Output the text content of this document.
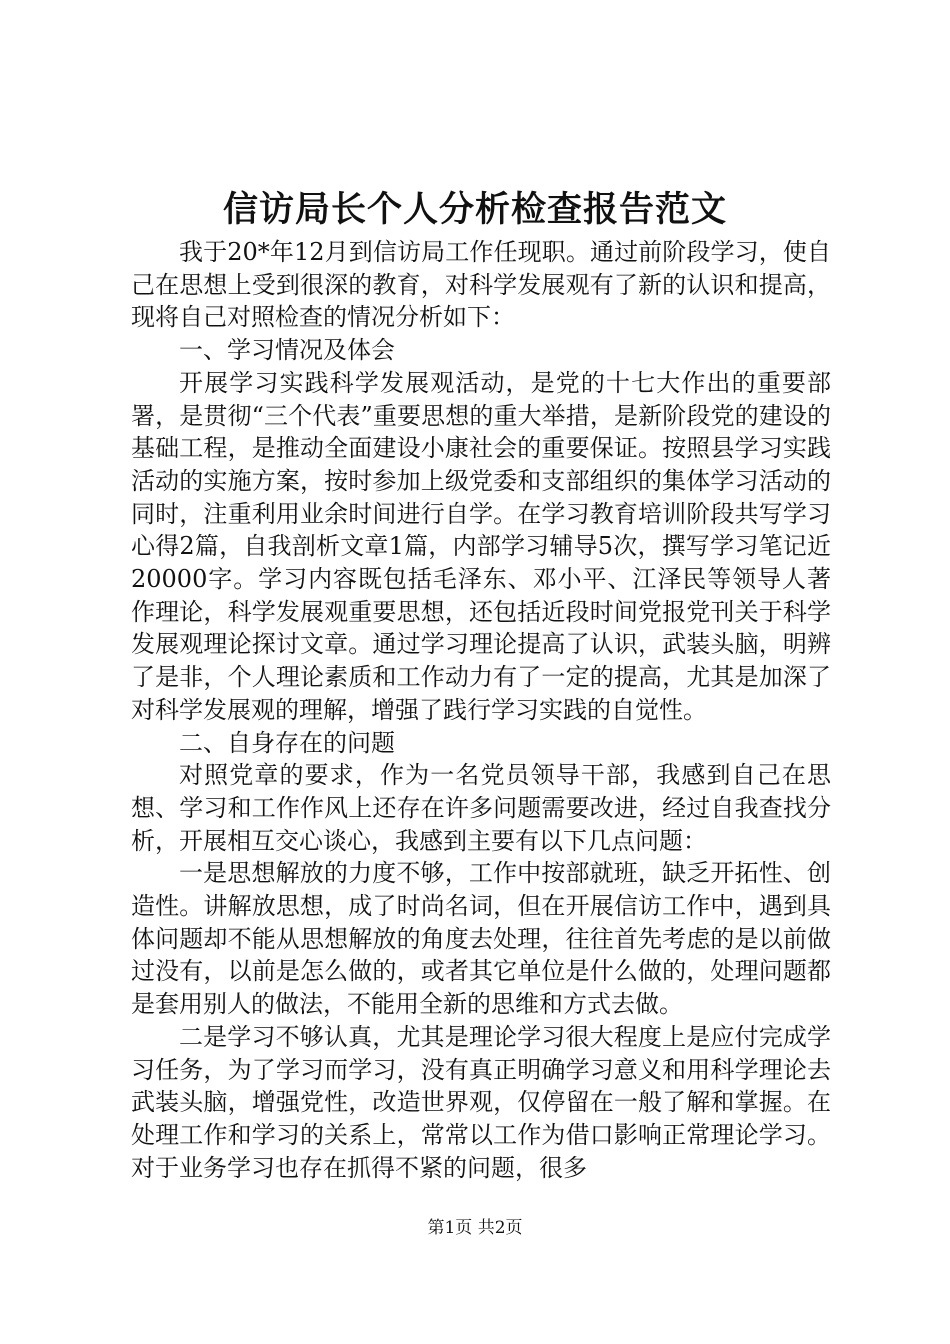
信访局长个人分析检查报告范文

我于20*年12月到信访局工作任现职。通过前阶段学习，使自己在思想上受到很深的教育，对科学发展观有了新的认识和提高，现将自己对照检查的情况分析如下：

一、学习情况及体会

开展学习实践科学发展观活动，是党的十七大作出的重要部署，是贯彻“三个代表”重要思想的重大举措，是新阶段党的建设的基础工程，是推动全面建设小康社会的重要保证。按照县学习实践活动的实施方案，按时参加上级党委和支部组织的集体学习活动的同时，注重利用业余时间进行自学。在学习教育培训阶段共写学习心得2篇，自我剖析文章1篇，内部学习辅导5次，撰写学习笔记近20000字。学习内容既包括毛泽东、邓小平、江泽民等领导人著作理论，科学发展观重要思想，还包括近段时间党报党刊关于科学发展观理论探讨文章。通过学习理论提高了认识，武装头脑，明辨了是非，个人理论素质和工作动力有了一定的提高，尤其是加深了对科学发展观的理解，增强了践行学习实践的自觉性。

二、自身存在的问题

对照党章的要求，作为一名党员领导干部，我感到自己在思想、学习和工作作风上还存在许多问题需要改进，经过自我查找分析，开展相互交心谈心，我感到主要有以下几点问题：

一是思想解放的力度不够，工作中按部就班，缺乏开拓性、创造性。讲解放思想，成了时尚名词，但在开展信访工作中，遇到具体问题却不能从思想解放的角度去处理，往往首先考虑的是以前做过没有，以前是怎么做的，或者其它单位是什么做的，处理问题都是套用别人的做法，不能用全新的思维和方式去做。

二是学习不够认真，尤其是理论学习很大程度上是应付完成学习任务，为了学习而学习，没有真正明确学习意义和用科学理论去武装头脑，增强党性，改造世界观，仅停留在一般了解和掌握。在处理工作和学习的关系上，常常以工作为借口影响正常理论学习。对于业务学习也存在抓得不紧的问题，很多

第1页 共2页
